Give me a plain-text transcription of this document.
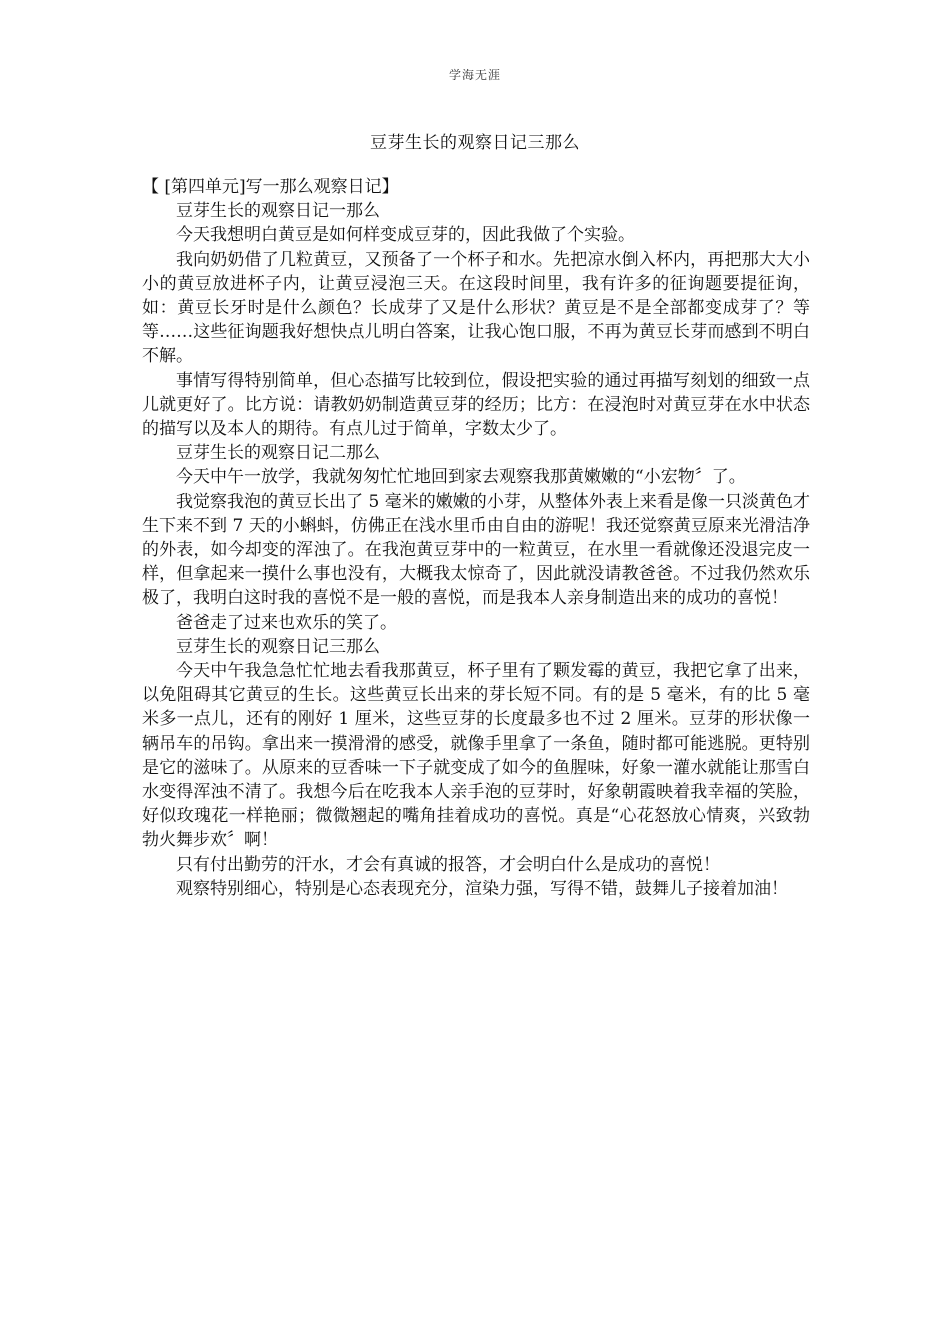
学海无涯
豆芽生长的观察日记三那么

【 [第四单元]写一那么观察日记】

豆芽生长的观察日记一那么

今天我想明白黄豆是如何样变成豆芽的，因此我做了个实验。

我向奶奶借了几粒黄豆，又预备了一个杯子和水。先把凉水倒入杯内，再把那大大小小的黄豆放进杯子内，让黄豆浸泡三天。在这段时间里，我有许多的征询题要提征询，如：黄豆长牙时是什么颜色？长成芽了又是什么形状？黄豆是不是全部都变成芽了？等等……这些征询题我好想快点儿明白答案，让我心饱口服，不再为黄豆长芽而感到不明白不解。

事情写得特别简单，但心态描写比较到位，假设把实验的通过再描写刻划的细致一点儿就更好了。比方说：请教奶奶制造黄豆芽的经历；比方：在浸泡时对黄豆芽在水中状态的描写以及本人的期待。有点儿过于简单，字数太少了。

豆芽生长的观察日记二那么

今天中午一放学，我就匆匆忙忙地回到家去观察我那黄嫩嫩的“小宏物〞了。

我觉察我泡的黄豆长出了 5 毫米的嫩嫩的小芽，从整体外表上来看是像一只淡黄色才生下来不到 7 天的小蝌蚪，仿佛正在浅水里币由自由的游呢！我还觉察黄豆原来光滑洁净的外表，如今却变的浑浊了。在我泡黄豆芽中的一粒黄豆，在水里一看就像还没退完皮一样，但拿起来一摸什么事也没有，大概我太惊奇了，因此就没请教爸爸。不过我仍然欢乐极了，我明白这时我的喜悦不是一般的喜悦，而是我本人亲身制造出来的成功的喜悦！

爸爸走了过来也欢乐的笑了。

豆芽生长的观察日记三那么

今天中午我急急忙忙地去看我那黄豆，杯子里有了颗发霉的黄豆，我把它拿了出来，以免阻碍其它黄豆的生长。这些黄豆长出来的芽长短不同。有的是 5 毫米，有的比 5 毫米多一点儿，还有的刚好 1 厘米，这些豆芽的长度最多也不过 2 厘米。豆芽的形状像一辆吊车的吊钩。拿出来一摸滑滑的感受，就像手里拿了一条鱼，随时都可能逃脱。更特别是它的滋味了。从原来的豆香味一下子就变成了如今的鱼腥味，好象一灌水就能让那雪白水变得浑浊不清了。我想今后在吃我本人亲手泡的豆芽时，好象朝霞映着我幸福的笑脸，好似玫瑰花一样艳丽；微微翘起的嘴角挂着成功的喜悦。真是“心花怒放心情爽，兴致勃勃火舞步欢〞啊！

只有付出勤劳的汗水，才会有真诚的报答，才会明白什么是成功的喜悦！

观察特别细心，特别是心态表现充分，渲染力强，写得不错，鼓舞儿子接着加油！
